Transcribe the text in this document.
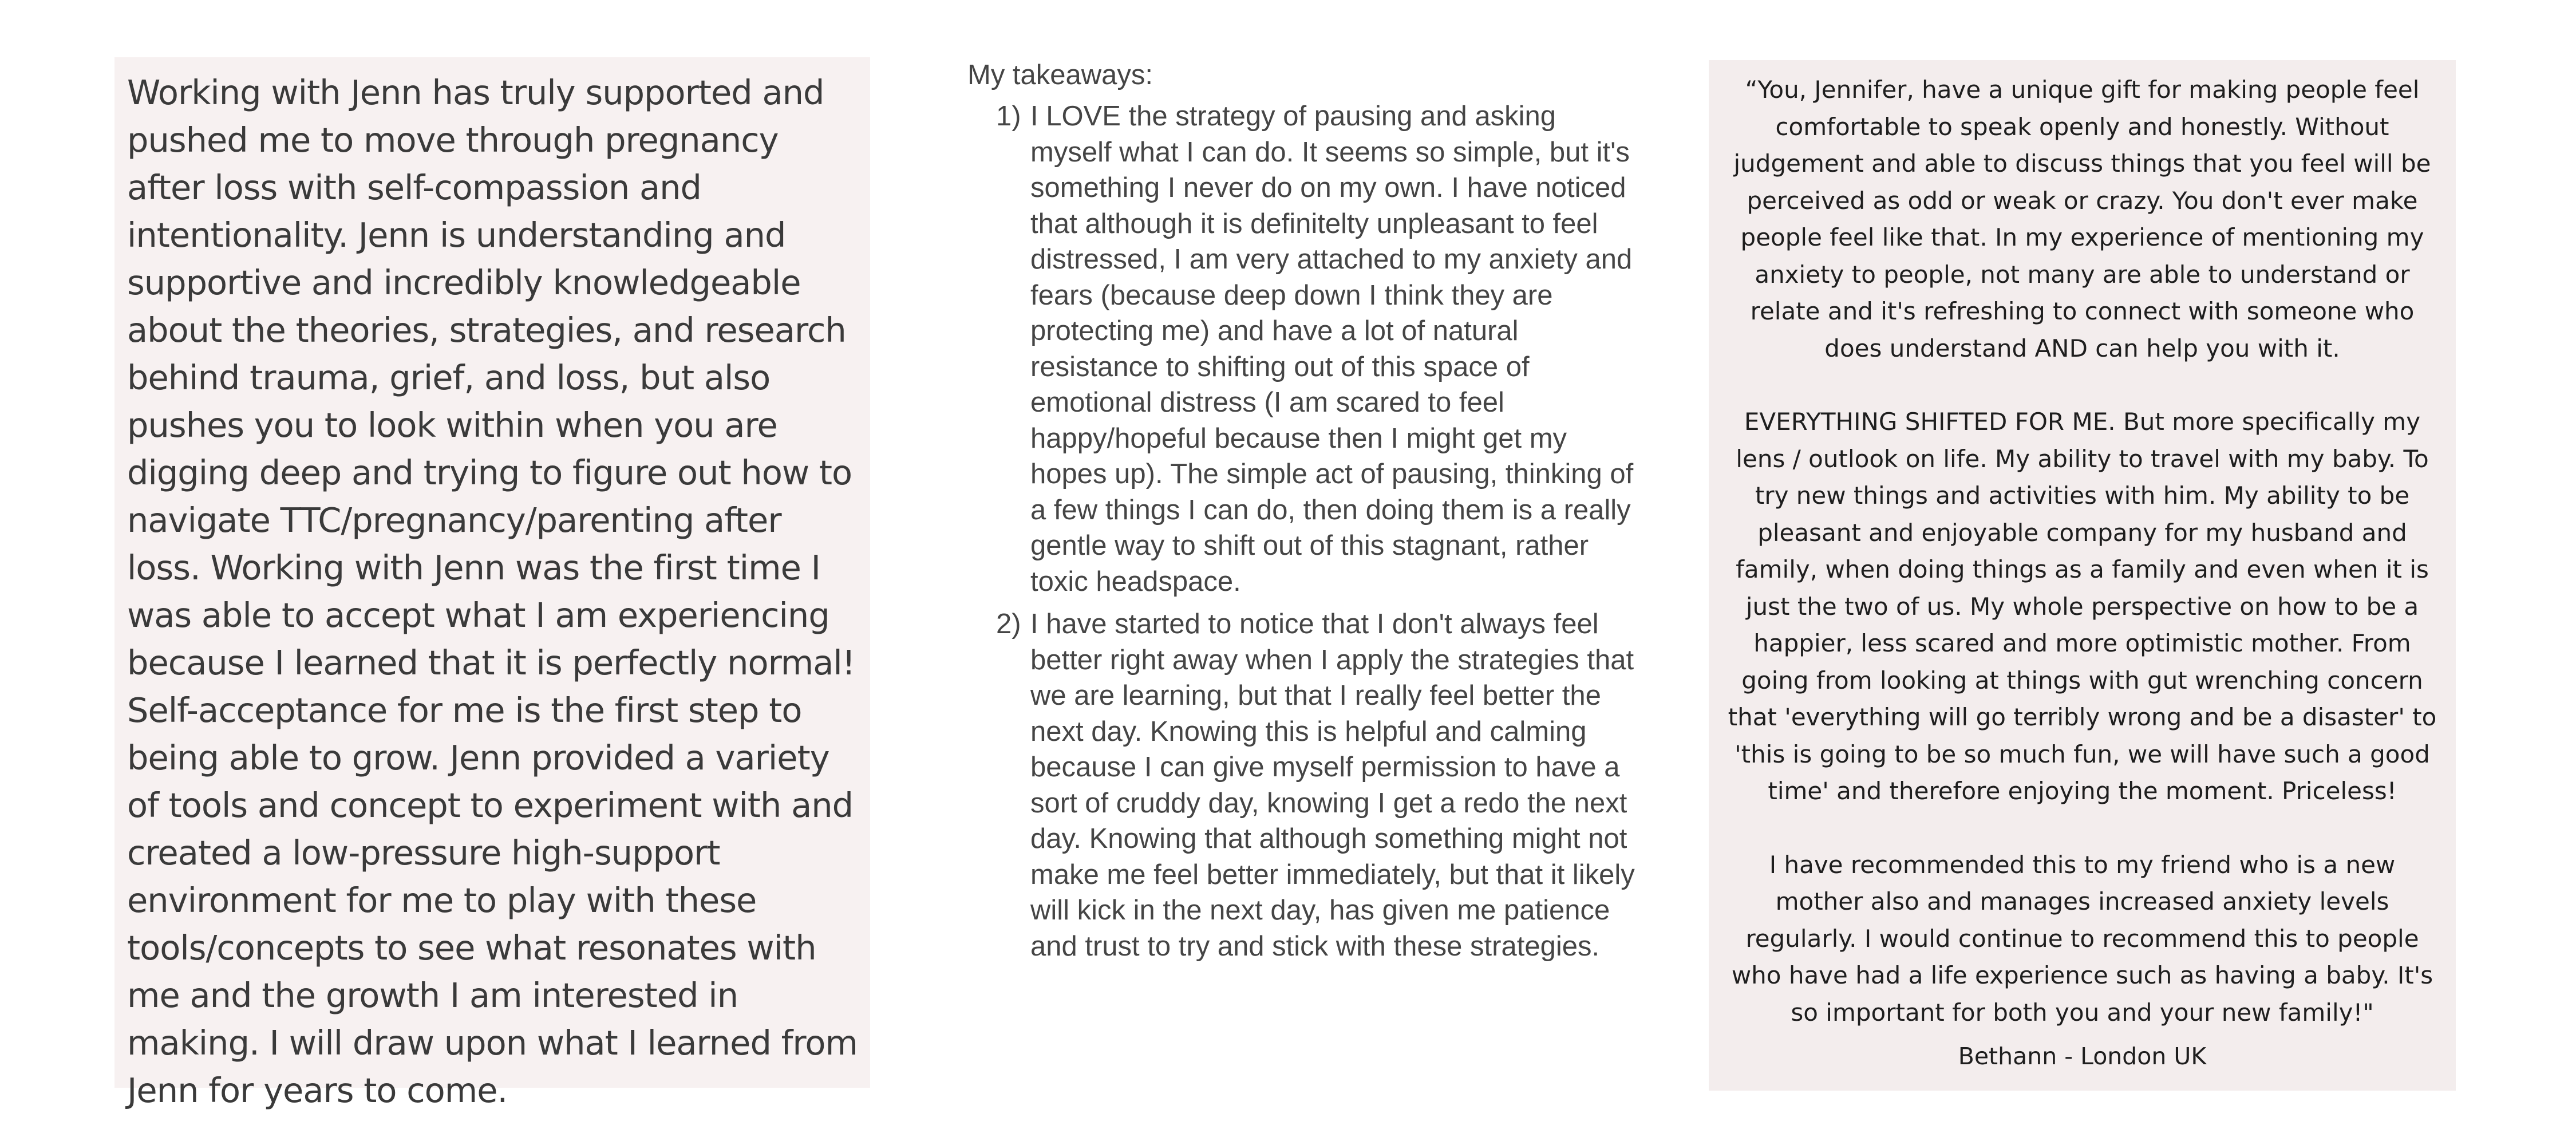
Working with Jenn has truly supported and pushed me to move through pregnancy after loss with self-compassion and intentionality. Jenn is understanding and supportive and incredibly knowledgeable about the theories, strategies, and research behind trauma, grief, and loss, but also pushes you to look within when you are digging deep and trying to figure out how to navigate TTC/pregnancy/parenting after loss. Working with Jenn was the first time I was able to accept what I am experiencing because I learned that it is perfectly normal! Self-acceptance for me is the first step to being able to grow. Jenn provided a variety of tools and concept to experiment with and created a low-pressure high-support environment for me to play with these tools/concepts to see what resonates with me and the growth I am interested in making. I will draw upon what I learned from Jenn for years to come.

My takeaways:
1) I LOVE the strategy of pausing and asking myself what I can do. It seems so simple, but it's something I never do on my own. I have noticed that although it is definitelty unpleasant to feel distressed, I am very attached to my anxiety and fears (because deep down I think they are protecting me) and have a lot of natural resistance to shifting out of this space of emotional distress (I am scared to feel happy/hopeful because then I might get my hopes up). The simple act of pausing, thinking of a few things I can do, then doing them is a really gentle way to shift out of this stagnant, rather toxic headspace.
2) I have started to notice that I don't always feel better right away when I apply the strategies that we are learning, but that I really feel better the next day. Knowing this is helpful and calming because I can give myself permission to have a sort of cruddy day, knowing I get a redo the next day. Knowing that although something might not make me feel better immediately, but that it likely will kick in the next day, has given me patience and trust to try and stick with these strategies.

“You, Jennifer, have a unique gift for making people feel comfortable to speak openly and honestly. Without judgement and able to discuss things that you feel will be perceived as odd or weak or crazy. You don't ever make people feel like that. In my experience of mentioning my anxiety to people, not many are able to understand or relate and it's refreshing to connect with someone who does understand AND can help you with it.

EVERYTHING SHIFTED FOR ME. But more specifically my lens / outlook on life. My ability to travel with my baby. To try new things and activities with him. My ability to be pleasant and enjoyable company for my husband and family, when doing things as a family and even when it is just the two of us. My whole perspective on how to be a happier, less scared and more optimistic mother. From going from looking at things with gut wrenching concern that 'everything will go terribly wrong and be a disaster' to 'this is going to be so much fun, we will have such a good time' and therefore enjoying the moment. Priceless!

I have recommended this to my friend who is a new mother also and manages increased anxiety levels regularly. I would continue to recommend this to people who have had a life experience such as having a baby. It's so important for both you and your new family!"

Bethann - London UK
